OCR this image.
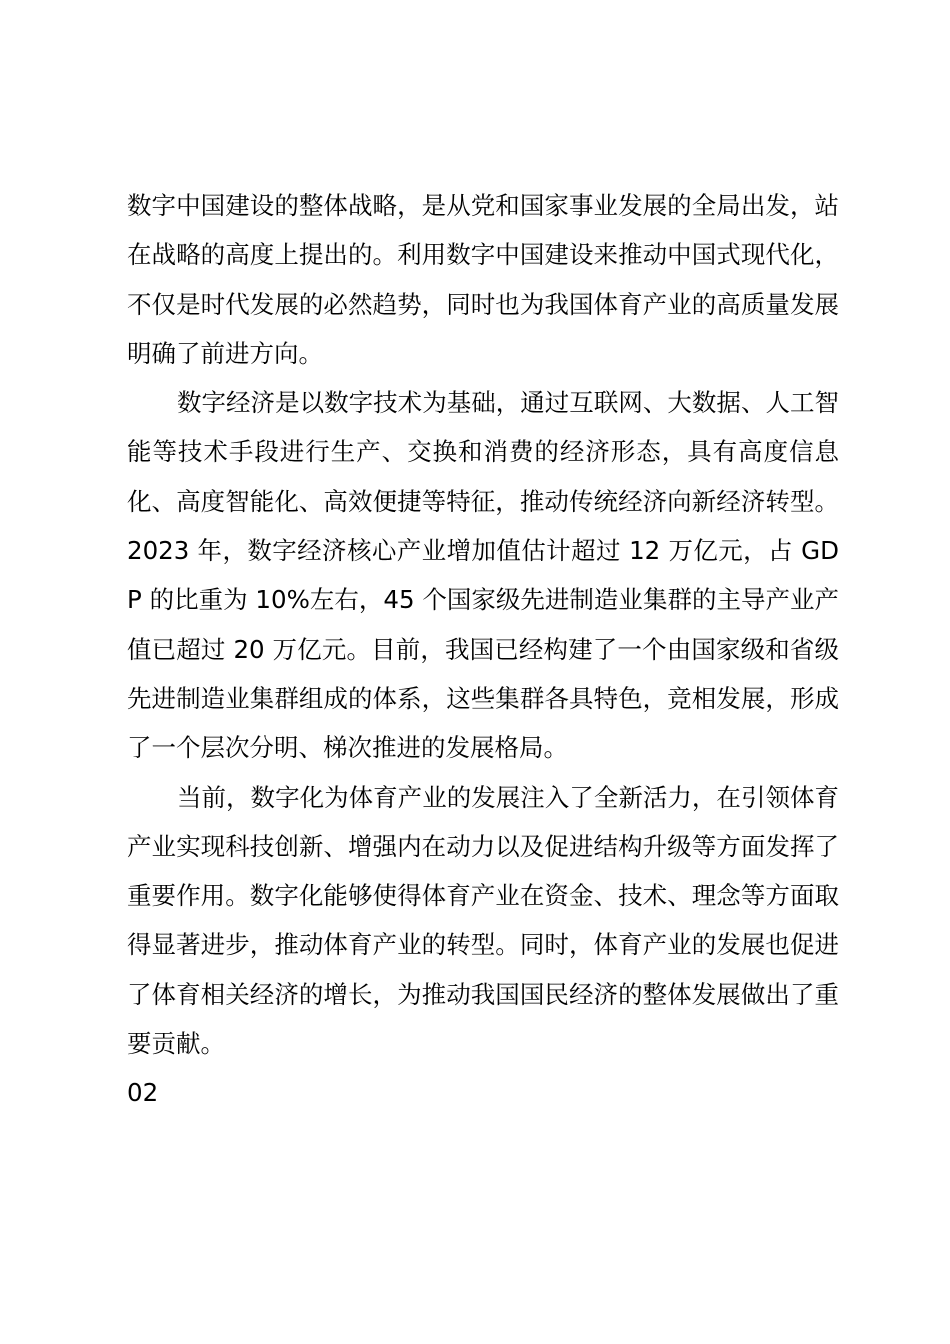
数字中国建设的整体战略，是从党和国家事业发展的全局出发，站在战略的高度上提出的。利用数字中国建设来推动中国式现代化，不仅是时代发展的必然趋势，同时也为我国体育产业的高质量发展明确了前进方向。

数字经济是以数字技术为基础，通过互联网、大数据、人工智能等技术手段进行生产、交换和消费的经济形态，具有高度信息化、高度智能化、高效便捷等特征，推动传统经济向新经济转型。2023 年，数字经济核心产业增加值估计超过 12 万亿元，占 GDP 的比重为 10%左右，45 个国家级先进制造业集群的主导产业产值已超过 20 万亿元。目前，我国已经构建了一个由国家级和省级先进制造业集群组成的体系，这些集群各具特色，竞相发展，形成了一个层次分明、梯次推进的发展格局。

当前，数字化为体育产业的发展注入了全新活力，在引领体育产业实现科技创新、增强内在动力以及促进结构升级等方面发挥了重要作用。数字化能够使得体育产业在资金、技术、理念等方面取得显著进步，推动体育产业的转型。同时，体育产业的发展也促进了体育相关经济的增长，为推动我国国民经济的整体发展做出了重要贡献。

02
